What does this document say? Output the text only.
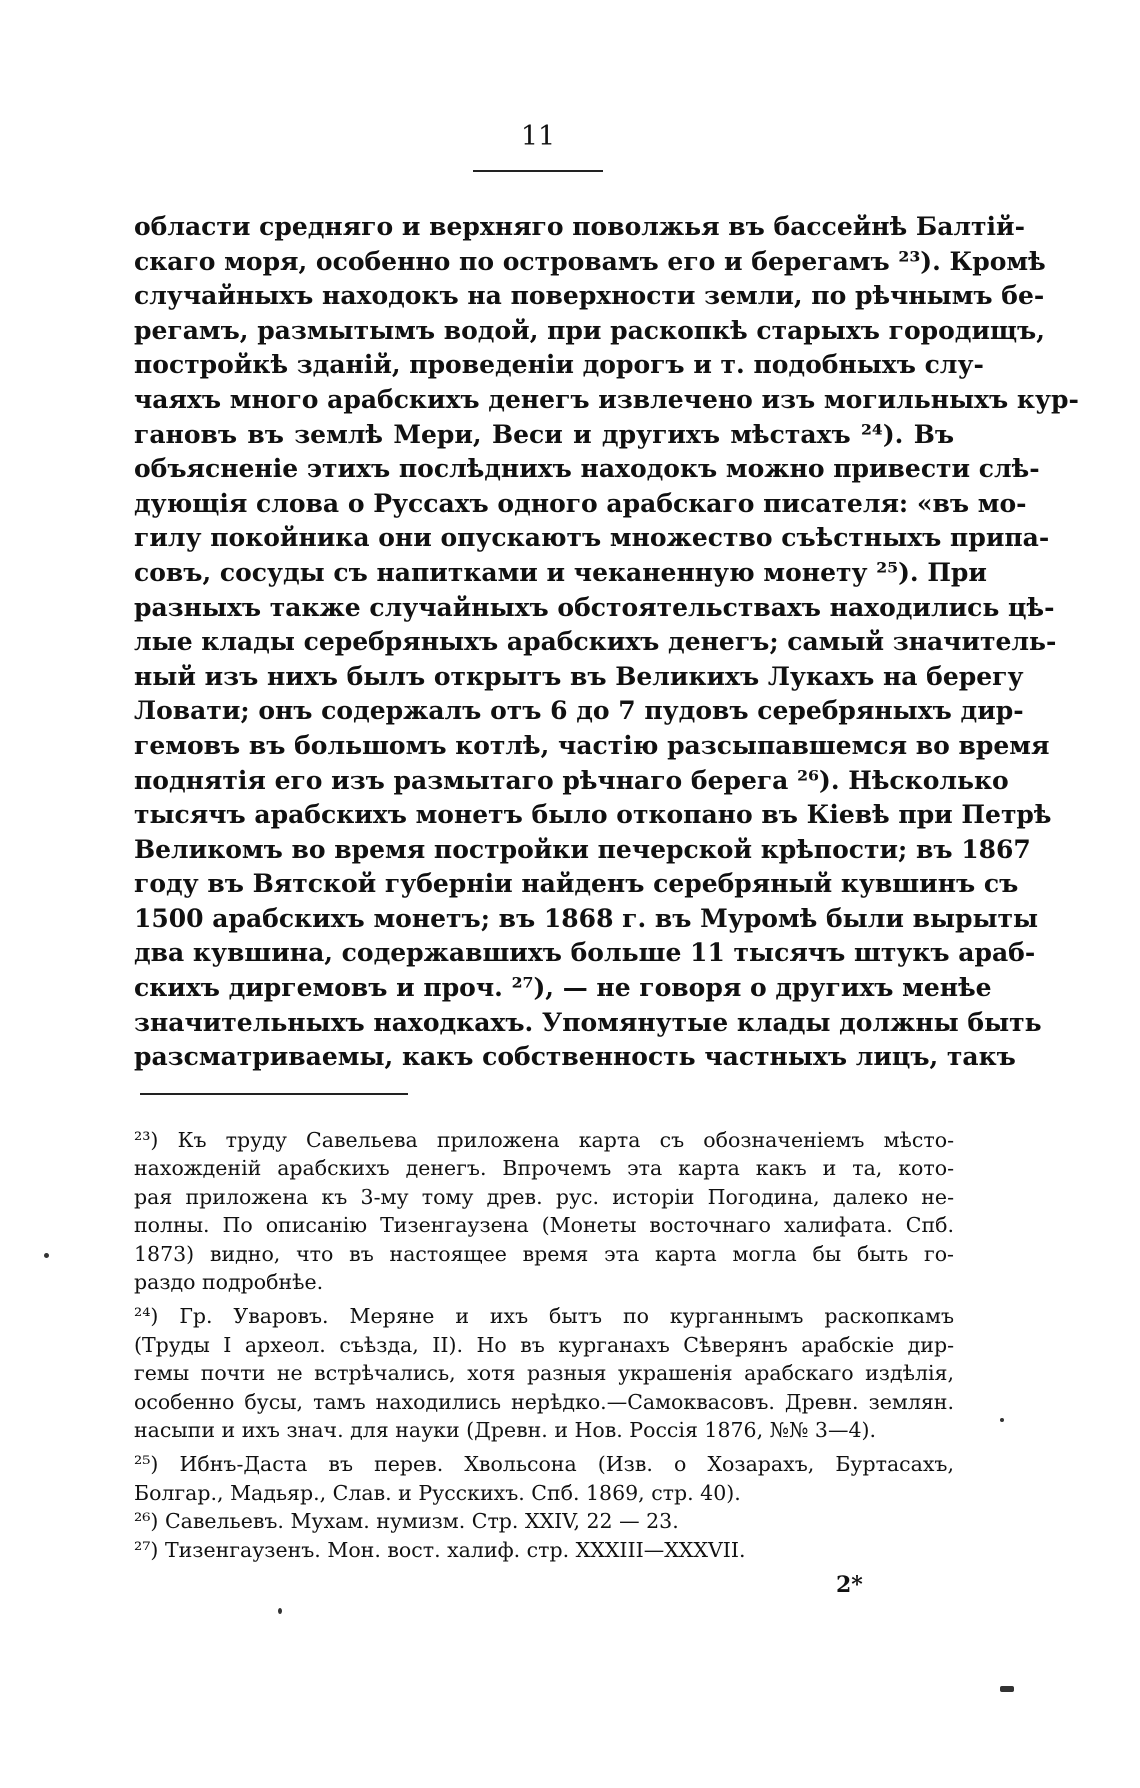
11
области средняго и верхняго поволжья въ бассейнѣ Балтій-
скаго моря, особенно по островамъ его и берегамъ ²³). Кромѣ
случайныхъ находокъ на поверхности земли, по рѣчнымъ бе-
регамъ, размытымъ водой, при раскопкѣ старыхъ городищъ,
постройкѣ зданій, проведеніи дорогъ и т. подобныхъ слу-
чаяхъ много арабскихъ денегъ извлечено изъ могильныхъ кур-
гановъ въ землѣ Мери, Веси и другихъ мѣстахъ ²⁴). Въ
объясненіе этихъ послѣднихъ находокъ можно привести слѣ-
дующія слова о Руссахъ одного арабскаго писателя: «въ мо-
гилу покойника они опускаютъ множество съѣстныхъ припа-
совъ, сосуды съ напитками и чеканенную монету ²⁵). При
разныхъ также случайныхъ обстоятельствахъ находились цѣ-
лые клады серебряныхъ арабскихъ денегъ; самый значитель-
ный изъ нихъ былъ открытъ въ Великихъ Лукахъ на берегу
Ловати; онъ содержалъ отъ 6 до 7 пудовъ серебряныхъ дир-
гемовъ въ большомъ котлѣ, частію разсыпавшемся во время
поднятія его изъ размытаго рѣчнаго берега ²⁶). Нѣсколько
тысячъ арабскихъ монетъ было откопано въ Кіевѣ при Петрѣ
Великомъ во время постройки печерской крѣпости; въ 1867
году въ Вятской губерніи найденъ серебряный кувшинъ съ
1500 арабскихъ монетъ; въ 1868 г. въ Муромѣ были вырыты
два кувшина, содержавшихъ больше 11 тысячъ штукъ араб-
скихъ диргемовъ и проч. ²⁷), — не говоря о другихъ менѣе
значительныхъ находкахъ. Упомянутые клады должны быть
разсматриваемы, какъ собственность частныхъ лицъ, такъ
²³) Къ труду Савельева приложена карта съ обозначеніемъ мѣсто-
нахожденій арабскихъ денегъ. Впрочемъ эта карта какъ и та, кото-
рая приложена къ 3-му тому древ. рус. исторіи Погодина, далеко не-
полны. По описанію Тизенгаузена (Монеты восточнаго халифата. Спб.
1873) видно, что въ настоящее время эта карта могла бы быть го-
раздо подробнѣе.
²⁴) Гр. Уваровъ. Меряне и ихъ бытъ по курганнымъ раскопкамъ
(Труды I археол. съѣзда, II). Но въ курганахъ Сѣверянъ арабскіе дир-
гемы почти не встрѣчались, хотя разныя украшенія арабскаго издѣлія,
особенно бусы, тамъ находились нерѣдко.—Самоквасовъ. Древн. землян.
насыпи и ихъ знач. для науки (Древн. и Нов. Россія 1876, №№ 3—4).
²⁵) Ибнъ-Даста въ перев. Хвольсона (Изв. о Хозарахъ, Буртасахъ,
Болгар., Мадьяр., Слав. и Русскихъ. Спб. 1869, стр. 40).
²⁶) Савельевъ. Мухам. нумизм. Стр. XXIV, 22 — 23.
²⁷) Тизенгаузенъ. Мон. вост. халиф. стр. XXXIII—XXXVII.
2*
